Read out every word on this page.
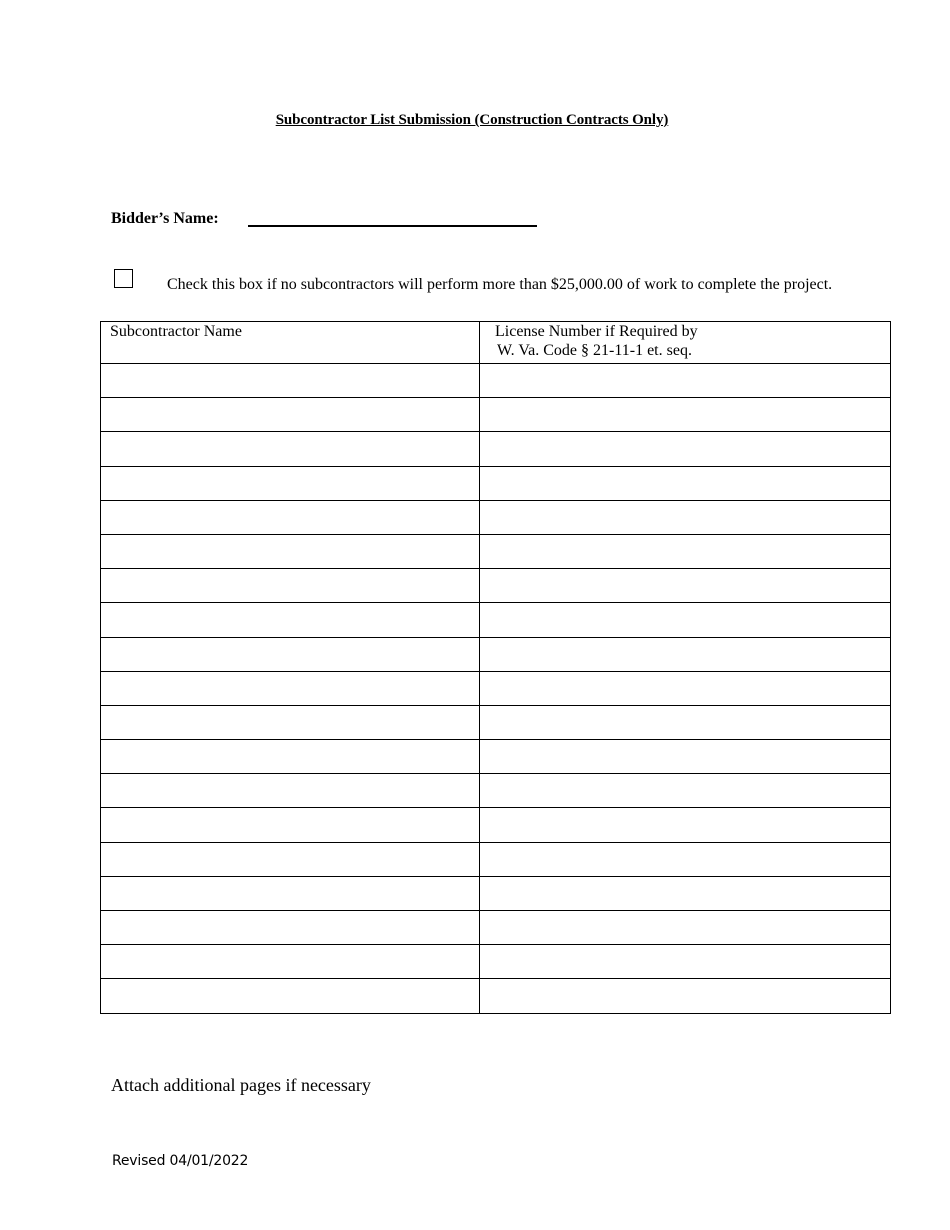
Subcontractor List Submission (Construction Contracts Only)
Bidder’s Name:
Check this box if no subcontractors will perform more than $25,000.00 of work to complete the project.
Subcontractor Name	License Number if Required by
W. Va. Code § 21-11-1 et. seq.

Attach additional pages if necessary
Revised 04/01/2022
